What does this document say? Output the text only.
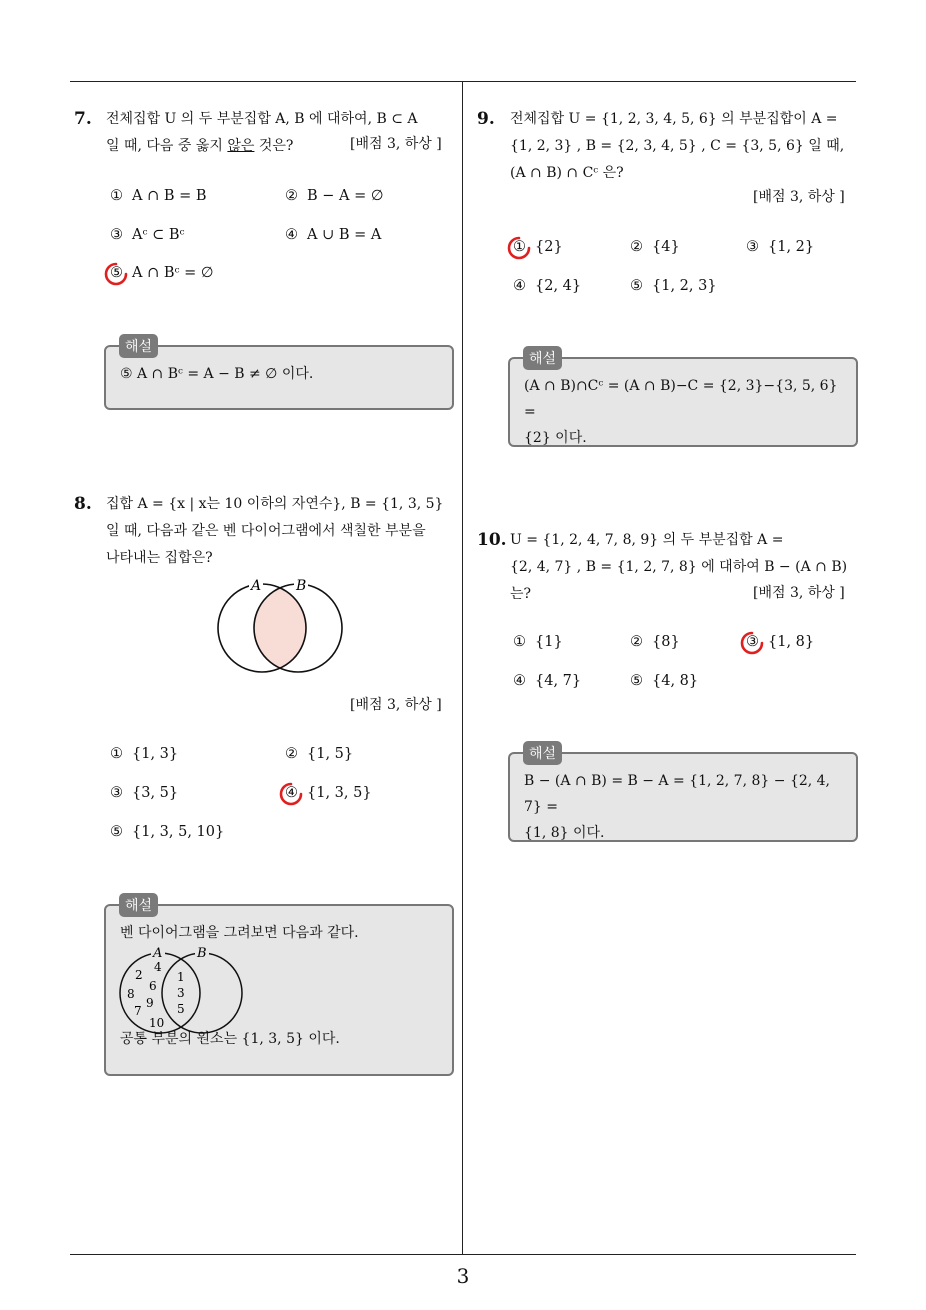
7. 전체집합 U 의 두 부분집합 A, B 에 대하여, B ⊂ A
일 때, 다음 중 옳지 않은 것은?	[배점 3, 하상 ]
① A ∩ B = B	② B − A = ∅
③ Aᶜ ⊂ Bᶜ	④ A ∪ B = A
⑤ A ∩ Bᶜ = ∅
⑤ A ∩ Bᶜ = A − B ≠ ∅ 이다.
해설
8. 집합 A = {x | x는 10 이하의 자연수}, B = {1, 3, 5}
일 때, 다음과 같은 벤 다이어그램에서 색칠한 부분을
나타내는 집합은?
A B
[배점 3, 하상 ]
① {1, 3}	② {1, 5}
③ {3, 5}	④ {1, 3, 5}
⑤ {1, 3, 5, 10}
벤 다이어그램을 그려보면 다음과 같다.
공통 부분의 원소는 {1, 3, 5} 이다.
해설
A	B
2
4
6
8
9
7
10
1
3
5
9. 전체집합 U = {1, 2, 3, 4, 5, 6} 의 부분집합이 A =
{1, 2, 3} , B = {2, 3, 4, 5} , C = {3, 5, 6} 일 때,
(A ∩ B) ∩ Cᶜ 은?
[배점 3, 하상 ]
① {2}	② {4}	③ {1, 2}
④ {2, 4}	⑤ {1, 2, 3}
(A ∩ B)∩Cᶜ = (A ∩ B)−C = {2, 3}−{3, 5, 6} =
{2} 이다.
해설
10. U = {1, 2, 4, 7, 8, 9} 의 두 부분집합 A =
{2, 4, 7} , B = {1, 2, 7, 8} 에 대하여 B − (A ∩ B) 는?	[배점 3, 하상 ]
① {1}	② {8}	③ {1, 8}
④ {4, 7}	⑤ {4, 8}
B − (A ∩ B) = B − A = {1, 2, 7, 8} − {2, 4, 7} =
{1, 8} 이다.
해설
3
